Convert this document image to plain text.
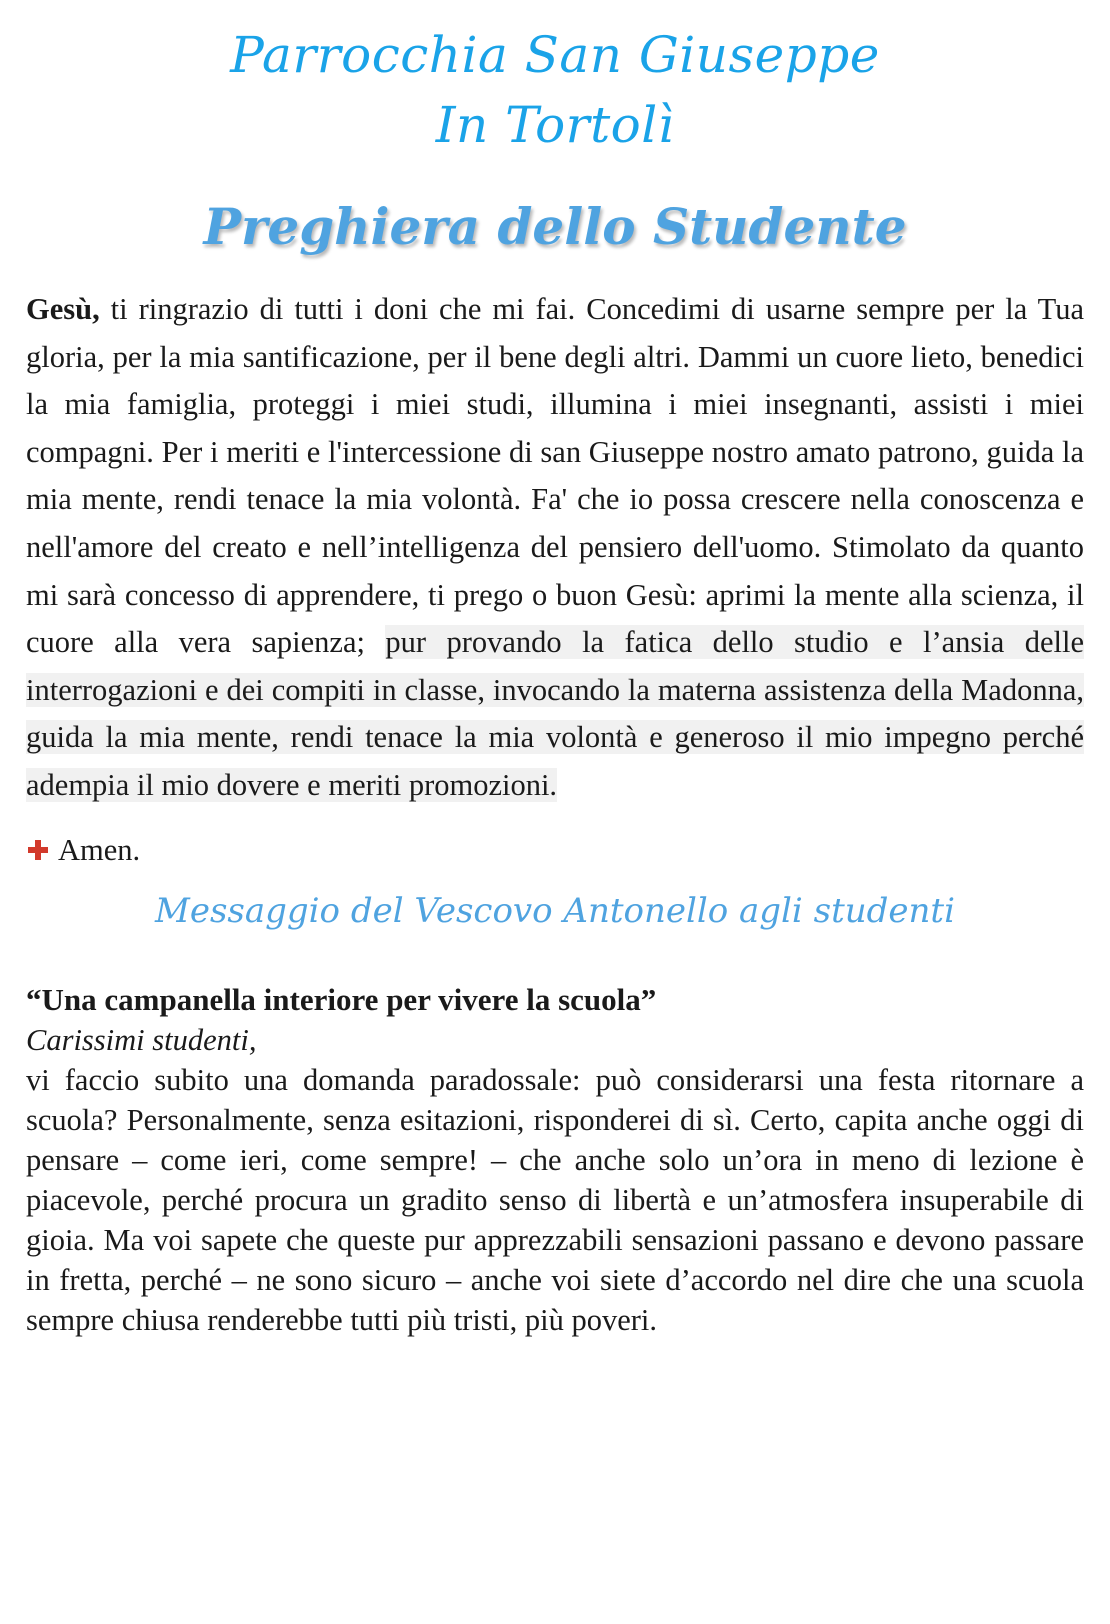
Parrocchia San Giuseppe
In Tortolì
Preghiera dello Studente
Gesù, ti ringrazio di tutti i doni che mi fai. Concedimi di usarne sempre per la Tua gloria, per la mia santificazione, per il bene degli altri. Dammi un cuore lieto, benedici la mia famiglia, proteggi i miei studi, illumina i miei insegnanti, assisti i miei compagni. Per i meriti e l'intercessione di san Giuseppe nostro amato patrono, guida la mia mente, rendi tenace la mia volontà. Fa' che io possa crescere nella conoscenza e nell'amore del creato e nell’intelligenza del pensiero dell'uomo. Stimolato da quanto mi sarà concesso di apprendere, ti prego o buon Gesù: aprimi la mente alla scienza, il cuore alla vera sapienza; pur provando la fatica dello studio e l’ansia delle interrogazioni e dei compiti in classe, invocando la materna assistenza della Madonna, guida la mia mente, rendi tenace la mia volontà e generoso il mio impegno perché adempia il mio dovere e meriti promozioni.
Amen.
Messaggio del Vescovo Antonello agli studenti
“Una campanella interiore per vivere la scuola”
Carissimi studenti,
vi faccio subito una domanda paradossale: può considerarsi una festa ritornare a scuola? Personalmente, senza esitazioni, risponderei di sì. Certo, capita anche oggi di pensare – come ieri, come sempre! – che anche solo un’ora in meno di lezione è piacevole, perché procura un gradito senso di libertà e un’atmosfera insuperabile di gioia. Ma voi sapete che queste pur apprezzabili sensazioni passano e devono passare in fretta, perché – ne sono sicuro – anche voi siete d’accordo nel dire che una scuola sempre chiusa renderebbe tutti più tristi, più poveri.
